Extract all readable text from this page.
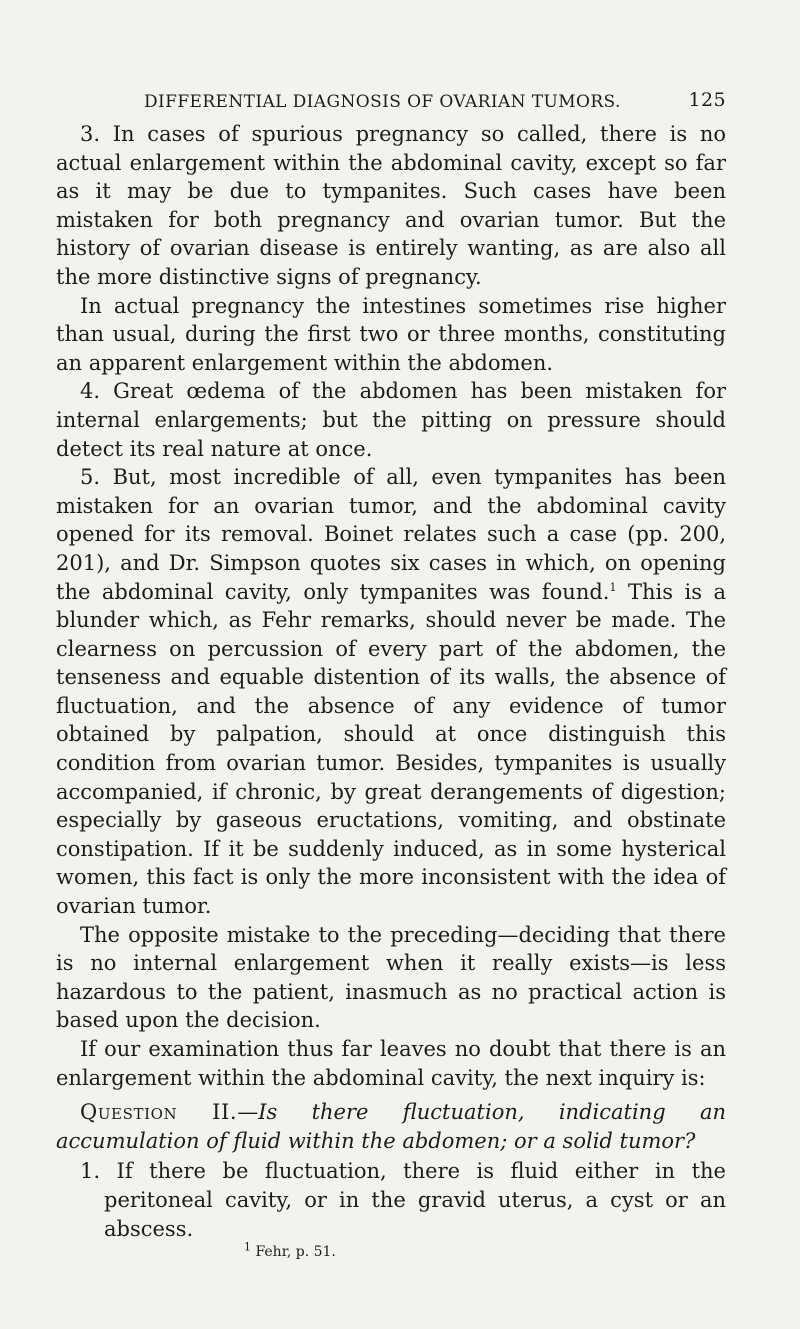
DIFFERENTIAL DIAGNOSIS OF OVARIAN TUMORS.	125

3. In cases of spurious pregnancy so called, there is no actual enlargement within the abdominal cavity, except so far as it may be due to tympanites. Such cases have been mistaken for both pregnancy and ovarian tumor. But the history of ovarian disease is entirely wanting, as are also all the more distinctive signs of pregnancy.

In actual pregnancy the intestines sometimes rise higher than usual, during the first two or three months, constituting an apparent enlargement within the abdomen.

4. Great œdema of the abdomen has been mistaken for internal enlargements; but the pitting on pressure should detect its real nature at once.

5. But, most incredible of all, even tympanites has been mistaken for an ovarian tumor, and the abdominal cavity opened for its removal. Boinet relates such a case (pp. 200, 201), and Dr. Simpson quotes six cases in which, on opening the abdominal cavity, only tympanites was found.$^1$ This is a blunder which, as Fehr remarks, should never be made. The clearness on percussion of every part of the abdomen, the tenseness and equable distention of its walls, the absence of fluctuation, and the absence of any evidence of tumor obtained by palpation, should at once distinguish this condition from ovarian tumor. Besides, tympanites is usually accompanied, if chronic, by great derangements of digestion; especially by gaseous eructations, vomiting, and obstinate constipation. If it be suddenly induced, as in some hysterical women, this fact is only the more inconsistent with the idea of ovarian tumor.

The opposite mistake to the preceding—deciding that there is no internal enlargement when it really exists—is less hazardous to the patient, inasmuch as no practical action is based upon the decision.

If our examination thus far leaves no doubt that there is an enlargement within the abdominal cavity, the next inquiry is:

Question II.—Is there fluctuation, indicating an accumulation of fluid within the abdomen; or a solid tumor?

1. If there be fluctuation, there is fluid either in the peritoneal cavity, or in the gravid uterus, a cyst or an abscess.

$^1$ Fehr, p. 51.
